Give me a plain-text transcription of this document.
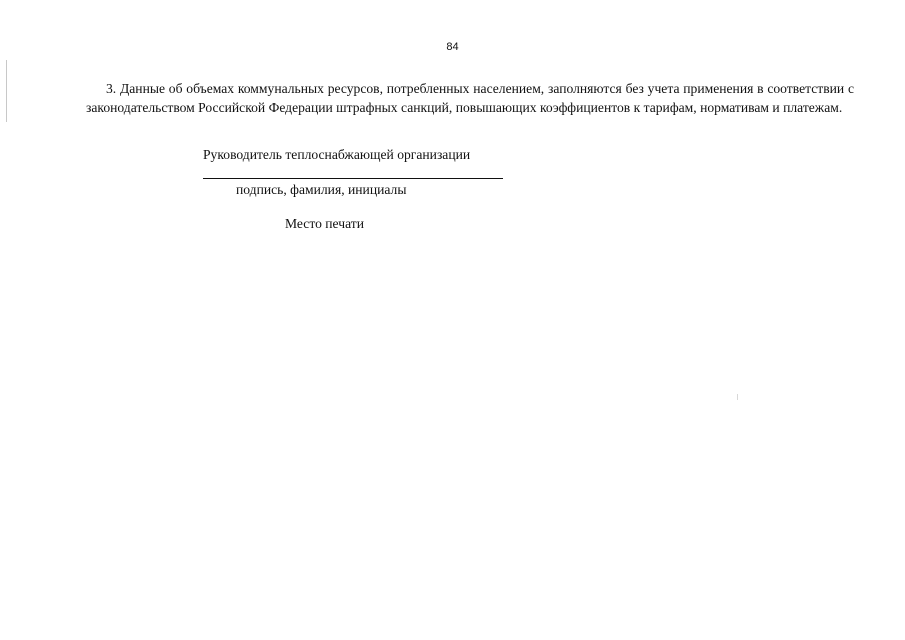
84

3. Данные об объемах коммунальных ресурсов, потребленных населением, заполняются без учета применения в соответствии с законодательством Российской Федерации штрафных санкций, повышающих коэффициентов к тарифам, нормативам и платежам.

Руководитель теплоснабжающей организации
подпись, фамилия, инициалы
Место печати
